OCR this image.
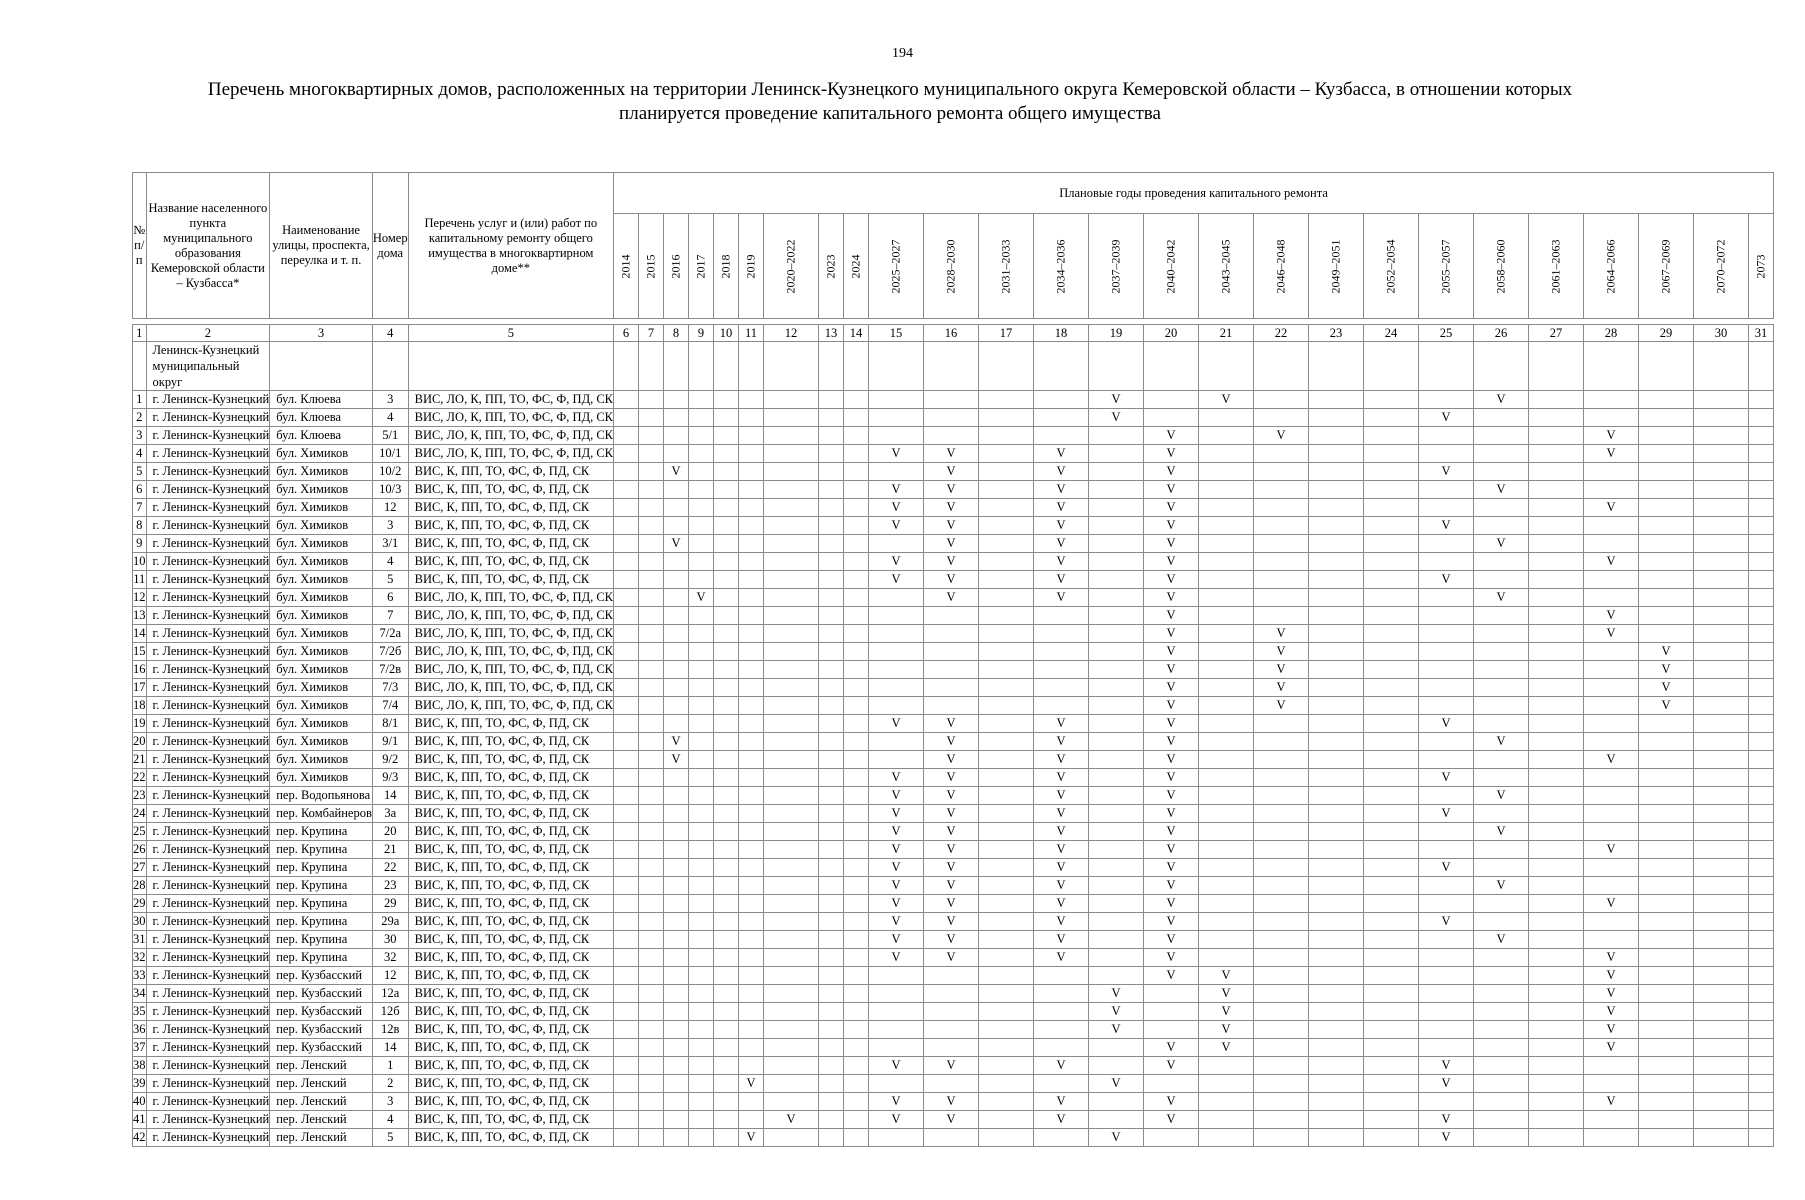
194
Перечень многоквартирных домов, расположенных на территории Ленинск-Кузнецкого муниципального округа Кемеровской области – Кузбасса, в отношении которых
планируется проведение капитального ремонта общего имущества
№ п/п	Название населенного пункта муниципального образования Кемеровской области – Кузбасса*	Наименование улицы, проспекта, переулка и т. п.	Номер дома	Перечень услуг и (или) работ по капитальному ремонту общего имущества в многоквартирном доме**	Плановые годы проведения капитального ремонта																									
					2014	2015	2016	2017	2018	2019	2020–2022	2023	2024	2025–2027	2028–2030	2031–2033	2034–2036	2037–2039	2040–2042	2043–2045	2046–2048	2049–2051	2052–2054	2055–2057	2058–2060	2061–2063	2064–2066	2067–2069	2070–2072	2073

1	2	3	4	5	6	7	8	9	10	11	12	13	14	15	16	17	18	19	20	21	22	23	24	25	26	27	28	29	30	31
	Ленинск-Кузнецкий муниципальный округ																													
1	г. Ленинск-Кузнецкий	бул. Клюева	3	ВИС, ЛО, К, ПП, ТО, ФС, Ф, ПД, СК														V		V					V					
2	г. Ленинск-Кузнецкий	бул. Клюева	4	ВИС, ЛО, К, ПП, ТО, ФС, Ф, ПД, СК														V						V						
3	г. Ленинск-Кузнецкий	бул. Клюева	5/1	ВИС, ЛО, К, ПП, ТО, ФС, Ф, ПД, СК															V		V						V			
4	г. Ленинск-Кузнецкий	бул. Химиков	10/1	ВИС, ЛО, К, ПП, ТО, ФС, Ф, ПД, СК										V	V		V		V								V			
5	г. Ленинск-Кузнецкий	бул. Химиков	10/2	ВИС, К, ПП, ТО, ФС, Ф, ПД, СК			V								V		V		V					V						
6	г. Ленинск-Кузнецкий	бул. Химиков	10/3	ВИС, К, ПП, ТО, ФС, Ф, ПД, СК										V	V		V		V						V					
7	г. Ленинск-Кузнецкий	бул. Химиков	12	ВИС, К, ПП, ТО, ФС, Ф, ПД, СК										V	V		V		V								V			
8	г. Ленинск-Кузнецкий	бул. Химиков	3	ВИС, К, ПП, ТО, ФС, Ф, ПД, СК										V	V		V		V					V						
9	г. Ленинск-Кузнецкий	бул. Химиков	3/1	ВИС, К, ПП, ТО, ФС, Ф, ПД, СК			V								V		V		V						V					
10	г. Ленинск-Кузнецкий	бул. Химиков	4	ВИС, К, ПП, ТО, ФС, Ф, ПД, СК										V	V		V		V								V			
11	г. Ленинск-Кузнецкий	бул. Химиков	5	ВИС, К, ПП, ТО, ФС, Ф, ПД, СК										V	V		V		V					V						
12	г. Ленинск-Кузнецкий	бул. Химиков	6	ВИС, ЛО, К, ПП, ТО, ФС, Ф, ПД, СК				V							V		V		V						V					
13	г. Ленинск-Кузнецкий	бул. Химиков	7	ВИС, ЛО, К, ПП, ТО, ФС, Ф, ПД, СК															V								V			
14	г. Ленинск-Кузнецкий	бул. Химиков	7/2а	ВИС, ЛО, К, ПП, ТО, ФС, Ф, ПД, СК															V		V						V			
15	г. Ленинск-Кузнецкий	бул. Химиков	7/2б	ВИС, ЛО, К, ПП, ТО, ФС, Ф, ПД, СК															V		V							V		
16	г. Ленинск-Кузнецкий	бул. Химиков	7/2в	ВИС, ЛО, К, ПП, ТО, ФС, Ф, ПД, СК															V		V							V		
17	г. Ленинск-Кузнецкий	бул. Химиков	7/3	ВИС, ЛО, К, ПП, ТО, ФС, Ф, ПД, СК															V		V							V		
18	г. Ленинск-Кузнецкий	бул. Химиков	7/4	ВИС, ЛО, К, ПП, ТО, ФС, Ф, ПД, СК															V		V							V		
19	г. Ленинск-Кузнецкий	бул. Химиков	8/1	ВИС, К, ПП, ТО, ФС, Ф, ПД, СК										V	V		V		V					V						
20	г. Ленинск-Кузнецкий	бул. Химиков	9/1	ВИС, К, ПП, ТО, ФС, Ф, ПД, СК			V								V		V		V						V					
21	г. Ленинск-Кузнецкий	бул. Химиков	9/2	ВИС, К, ПП, ТО, ФС, Ф, ПД, СК			V								V		V		V								V			
22	г. Ленинск-Кузнецкий	бул. Химиков	9/3	ВИС, К, ПП, ТО, ФС, Ф, ПД, СК										V	V		V		V					V						
23	г. Ленинск-Кузнецкий	пер. Водопьянова	14	ВИС, К, ПП, ТО, ФС, Ф, ПД, СК										V	V		V		V						V					
24	г. Ленинск-Кузнецкий	пер. Комбайнеров	3а	ВИС, К, ПП, ТО, ФС, Ф, ПД, СК										V	V		V		V					V						
25	г. Ленинск-Кузнецкий	пер. Крупина	20	ВИС, К, ПП, ТО, ФС, Ф, ПД, СК										V	V		V		V						V					
26	г. Ленинск-Кузнецкий	пер. Крупина	21	ВИС, К, ПП, ТО, ФС, Ф, ПД, СК										V	V		V		V								V			
27	г. Ленинск-Кузнецкий	пер. Крупина	22	ВИС, К, ПП, ТО, ФС, Ф, ПД, СК										V	V		V		V					V						
28	г. Ленинск-Кузнецкий	пер. Крупина	23	ВИС, К, ПП, ТО, ФС, Ф, ПД, СК										V	V		V		V						V					
29	г. Ленинск-Кузнецкий	пер. Крупина	29	ВИС, К, ПП, ТО, ФС, Ф, ПД, СК										V	V		V		V								V			
30	г. Ленинск-Кузнецкий	пер. Крупина	29а	ВИС, К, ПП, ТО, ФС, Ф, ПД, СК										V	V		V		V					V						
31	г. Ленинск-Кузнецкий	пер. Крупина	30	ВИС, К, ПП, ТО, ФС, Ф, ПД, СК										V	V		V		V						V					
32	г. Ленинск-Кузнецкий	пер. Крупина	32	ВИС, К, ПП, ТО, ФС, Ф, ПД, СК										V	V		V		V								V			
33	г. Ленинск-Кузнецкий	пер. Кузбасский	12	ВИС, К, ПП, ТО, ФС, Ф, ПД, СК															V	V							V			
34	г. Ленинск-Кузнецкий	пер. Кузбасский	12а	ВИС, К, ПП, ТО, ФС, Ф, ПД, СК														V		V							V			
35	г. Ленинск-Кузнецкий	пер. Кузбасский	12б	ВИС, К, ПП, ТО, ФС, Ф, ПД, СК														V		V							V			
36	г. Ленинск-Кузнецкий	пер. Кузбасский	12в	ВИС, К, ПП, ТО, ФС, Ф, ПД, СК														V		V							V			
37	г. Ленинск-Кузнецкий	пер. Кузбасский	14	ВИС, К, ПП, ТО, ФС, Ф, ПД, СК															V	V							V			
38	г. Ленинск-Кузнецкий	пер. Ленский	1	ВИС, К, ПП, ТО, ФС, Ф, ПД, СК										V	V		V		V					V						
39	г. Ленинск-Кузнецкий	пер. Ленский	2	ВИС, К, ПП, ТО, ФС, Ф, ПД, СК						V								V						V						
40	г. Ленинск-Кузнецкий	пер. Ленский	3	ВИС, К, ПП, ТО, ФС, Ф, ПД, СК										V	V		V		V								V			
41	г. Ленинск-Кузнецкий	пер. Ленский	4	ВИС, К, ПП, ТО, ФС, Ф, ПД, СК							V			V	V		V		V					V						
42	г. Ленинск-Кузнецкий	пер. Ленский	5	ВИС, К, ПП, ТО, ФС, Ф, ПД, СК						V								V						V						
